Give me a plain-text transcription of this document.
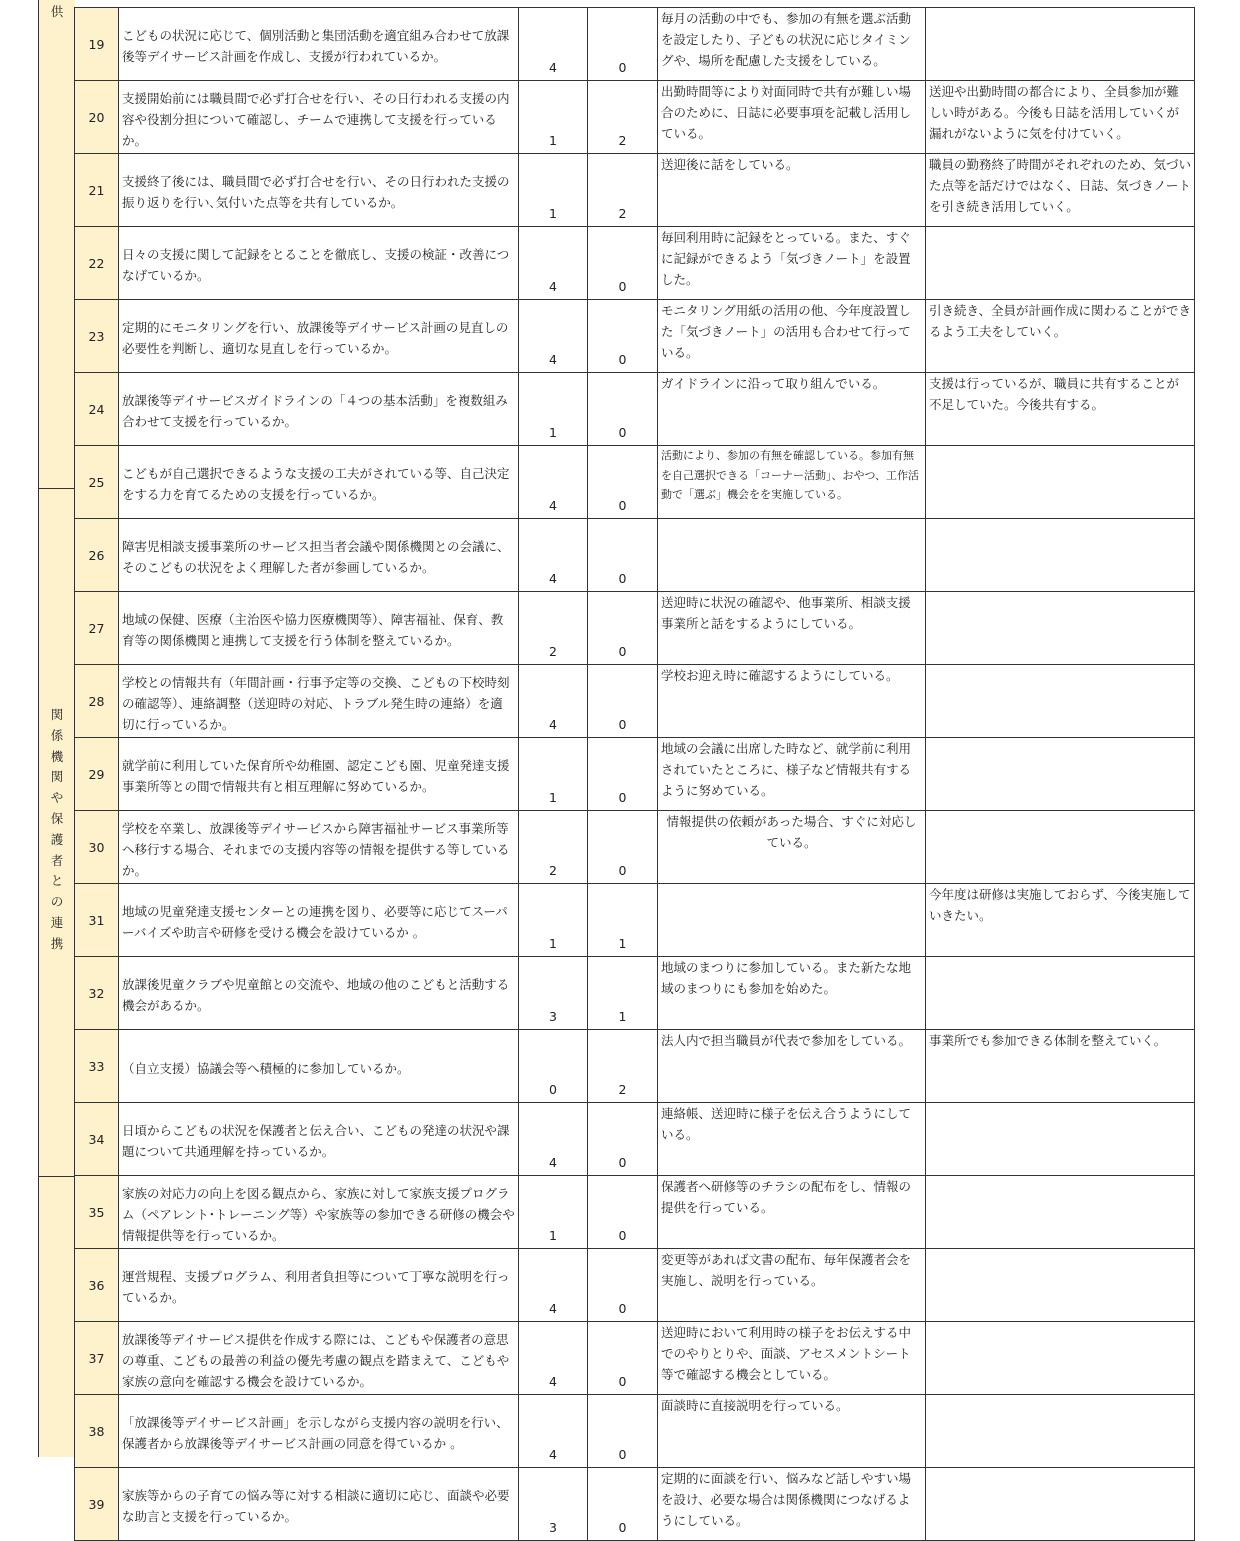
供
関係機関や保護者との連携
19	こどもの状況に応じて、個別活動と集団活動を適宜組み合わせて放課後等デイサービス計画を作成し、支援が行われているか。	4	0	毎月の活動の中でも、参加の有無を選ぶ活動を設定したり、子どもの状況に応じタイミングや、場所を配慮した支援をしている。	

20	支援開始前には職員間で必ず打合せを行い、その日行われる支援の内容や役割分担について確認し、チームで連携して支援を行っているか。	1	2	出勤時間等により対面同時で共有が難しい場合のために、日誌に必要事項を記載し活用している。	送迎や出勤時間の都合により、全員参加が難しい時がある。今後も日誌を活用していくが漏れがないように気を付けていく。

21	支援終了後には、職員間で必ず打合せを行い、その日行われた支援の振り返りを行い､気付いた点等を共有しているか。	1	2	送迎後に話をしている。	職員の勤務終了時間がそれぞれのため、気づいた点等を話だけではなく、日誌、気づきノートを引き続き活用していく。

22	日々の支援に関して記録をとることを徹底し、支援の検証・改善につなげているか。	4	0	毎回利用時に記録をとっている。また、すぐに記録ができるよう「気づきノート」を設置した。	

23	定期的にモニタリングを行い、放課後等デイサービス計画の見直しの必要性を判断し、適切な見直しを行っているか。	4	0	モニタリング用紙の活用の他、今年度設置した「気づきノート」の活用も合わせて行っている。	引き続き、全員が計画作成に関わることができるよう工夫をしていく。

24	放課後等デイサービスガイドラインの「４つの基本活動」を複数組み合わせて支援を行っているか。	1	0	ガイドラインに沿って取り組んでいる。	支援は行っているが、職員に共有することが不足していた。今後共有する。

25	こどもが自己選択できるような支援の工夫がされている等、自己決定をする力を育てるための支援を行っているか。	4	0	活動により、参加の有無を確認している。参加有無を自己選択できる「コーナー活動」、おやつ、工作活動で「選ぶ」機会をを実施している。	

26	障害児相談支援事業所のサービス担当者会議や関係機関との会議に、そのこどもの状況をよく理解した者が参画しているか。	4	0	

27	地域の保健、医療（主治医や協力医療機関等）、障害福祉、保育、教育等の関係機関と連携して支援を行う体制を整えているか。	2	0	送迎時に状況の確認や、他事業所、相談支援事業所と話をするようにしている。	

28	学校との情報共有（年間計画・行事予定等の交換、こどもの下校時刻の確認等）、連絡調整（送迎時の対応、トラブル発生時の連絡）を適切に行っているか。	4	0	学校お迎え時に確認するようにしている。	

29	就学前に利用していた保育所や幼稚園、認定こども園、児童発達支援事業所等との間で情報共有と相互理解に努めているか。	1	0	地域の会議に出席した時など、就学前に利用されていたところに、様子など情報共有するように努めている。	

30	学校を卒業し、放課後等デイサービスから障害福祉サービス事業所等へ移行する場合、それまでの支援内容等の情報を提供する等しているか。	2	0	情報提供の依頼があった場合、すぐに対応している。	

31	地域の児童発達支援センターとの連携を図り、必要等に応じてスーパーバイズや助言や研修を受ける機会を設けているか 。	1	1		今年度は研修は実施しておらず、今後実施していきたい。

32	放課後児童クラブや児童館との交流や、地域の他のこどもと活動する機会があるか。	3	1	地域のまつりに参加している。また新たな地域のまつりにも参加を始めた。	

33	（自立支援）協議会等へ積極的に参加しているか。	0	2	法人内で担当職員が代表で参加をしている。	事業所でも参加できる体制を整えていく。

34	日頃からこどもの状況を保護者と伝え合い、こどもの発達の状況や課題について共通理解を持っているか。	4	0	連絡帳、送迎時に様子を伝え合うようにしている。	

35	家族の対応力の向上を図る観点から、家族に対して家族支援プログラム（ペアレント･トレーニング等）や家族等の参加できる研修の機会や情報提供等を行っているか。	1	0	保護者へ研修等のチラシの配布をし、情報の提供を行っている。	

36	運営規程、支援プログラム、利用者負担等について丁寧な説明を行っているか。	4	0	変更等があれば文書の配布、毎年保護者会を実施し、説明を行っている。	

37	放課後等デイサービス提供を作成する際には、こどもや保護者の意思の尊重、こどもの最善の利益の優先考慮の観点を踏まえて、こどもや家族の意向を確認する機会を設けているか。	4	0	送迎時において利用時の様子をお伝えする中でのやりとりや、面談、アセスメントシート等で確認する機会としている。	

38	「放課後等デイサービス計画」を示しながら支援内容の説明を行い、保護者から放課後等デイサービス計画の同意を得ているか 。	4	0	面談時に直接説明を行っている。	

39	家族等からの子育ての悩み等に対する相談に適切に応じ、面談や必要な助言と支援を行っているか。	3	0	定期的に面談を行い、悩みなど話しやすい場を設け、必要な場合は関係機関につなげるようにしている。	
